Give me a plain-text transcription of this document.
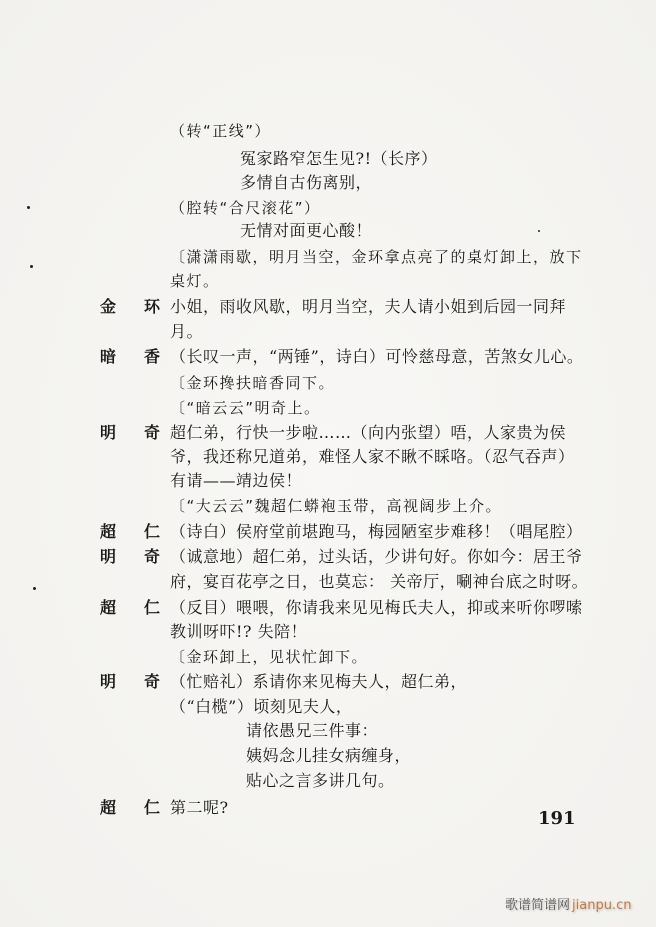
（转“正线”）
冤家路窄怎生见?!（长序）
多情自古伤离别，
（腔转“合尺滚花”）
无情对面更心酸！
〔潇潇雨歇，明月当空，金环拿点亮了的桌灯卸上，放下
桌灯。
金 环 小姐，雨收风歇，明月当空，夫人请小姐到后园一同拜
月。
暗 香 （长叹一声，“两锤”，诗白）可怜慈母意，苦煞女儿心。
〔金环搀扶暗香同下。
〔“暗云云”明奇上。
明 奇 超仁弟，行快一步啦……（向内张望）唔，人家贵为侯
爷，我还称兄道弟，难怪人家不瞅不睬咯。（忍气吞声）
有请——靖边侯！
〔“大云云”魏超仁蟒袍玉带，高视阔步上介。
超 仁 （诗白）侯府堂前堪跑马，梅园陋室步难移！（唱尾腔）
明 奇 （诚意地）超仁弟，过头话，少讲句好。你如今：居王爷
府，宴百花亭之日，也莫忘： 关帝厅，唰神台底之时呀。
超 仁 （反目）喂喂，你请我来见见梅氏夫人，抑或来听你啰嗦
教训呀吓!? 失陪！
〔金环卸上，见状忙卸下。
明 奇 （忙赔礼）系请你来见梅夫人，超仁弟，
（“白榄”）顷刻见夫人，
请依愚兄三件事：
姨妈念儿挂女病缠身，
贴心之言多讲几句。
超 仁 第二呢?
191
歌谱简谱网 jianpu.cn
